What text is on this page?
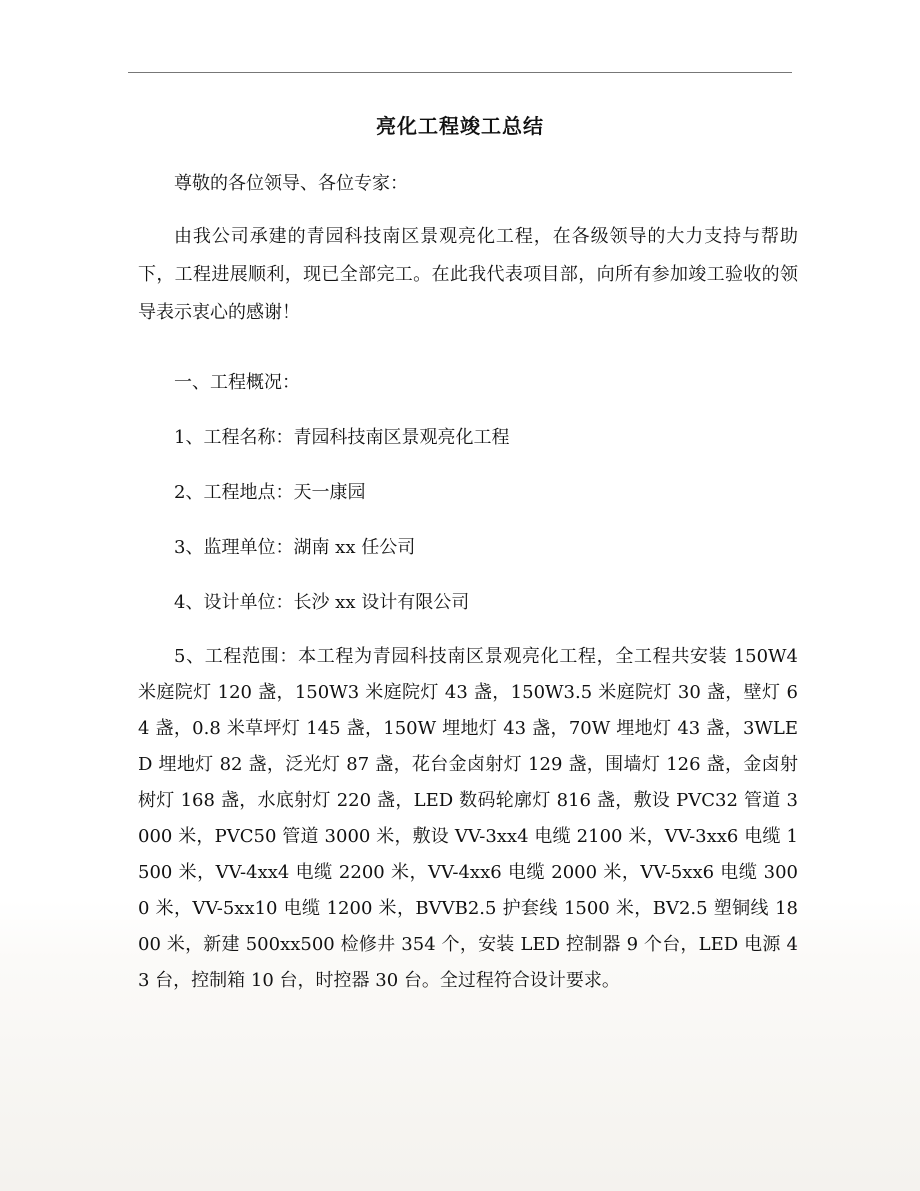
亮化工程竣工总结

尊敬的各位领导、各位专家：

由我公司承建的青园科技南区景观亮化工程，在各级领导的大力支持与帮助下，工程进展顺利，现已全部完工。在此我代表项目部，向所有参加竣工验收的领导表示衷心的感谢！

一、工程概况：

1、工程名称：青园科技南区景观亮化工程

2、工程地点：天一康园

3、监理单位：湖南 xx 任公司

4、设计单位：长沙 xx 设计有限公司

5、工程范围：本工程为青园科技南区景观亮化工程，全工程共安装 150W4 米庭院灯 120 盏，150W3 米庭院灯 43 盏，150W3.5 米庭院灯 30 盏，壁灯 64 盏，0.8 米草坪灯 145 盏，150W 埋地灯 43 盏，70W 埋地灯 43 盏，3WLED 埋地灯 82 盏，泛光灯 87 盏，花台金卤射灯 129 盏，围墙灯 126 盏，金卤射树灯 168 盏，水底射灯 220 盏，LED 数码轮廓灯 816 盏，敷设 PVC32 管道 3000 米，PVC50 管道 3000 米，敷设 VV-3xx4 电缆 2100 米，VV-3xx6 电缆 1500 米，VV-4xx4 电缆 2200 米，VV-4xx6 电缆 2000 米，VV-5xx6 电缆 3000 米，VV-5xx10 电缆 1200 米，BVVB2.5 护套线 1500 米，BV2.5 塑铜线 1800 米，新建 500xx500 检修井 354 个，安装 LED 控制器 9 个台，LED 电源 43 台，控制箱 10 台，时控器 30 台。全过程符合设计要求。
